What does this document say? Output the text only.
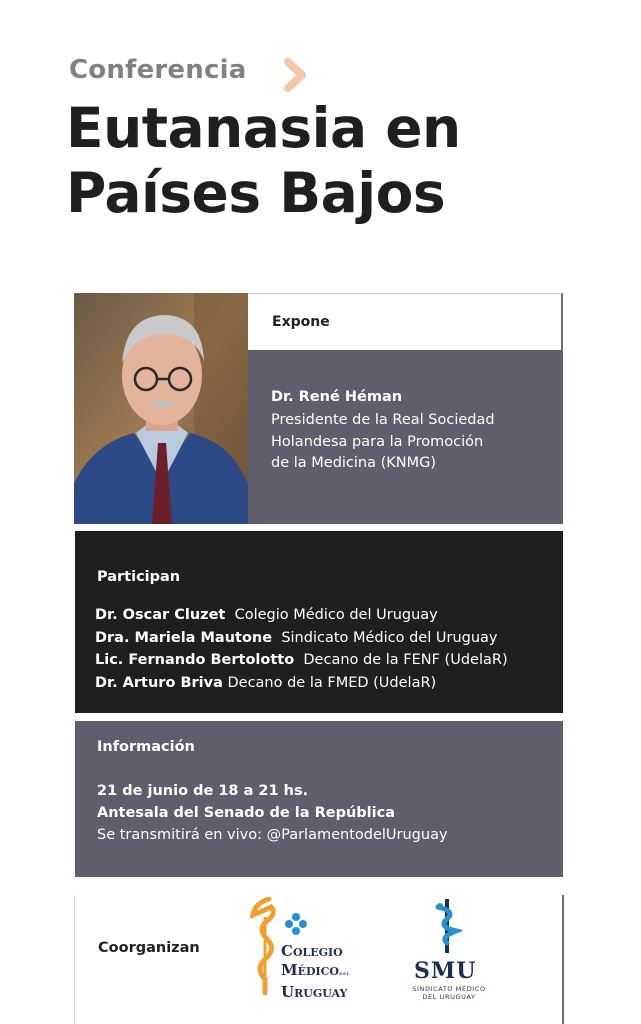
Conferencia
Eutanasia en
Países Bajos
Expone
Dr. René Héman
Presidente de la Real Sociedad
Holandesa para la Promoción
de la Medicina (KNMG)
Participan
Dr. Oscar Cluzet Colegio Médico del Uruguay
Dra. Mariela Mautone Sindicato Médico del Uruguay
Lic. Fernando Bertolotto Decano de la FENF (UdelaR)
Dr. Arturo Briva Decano de la FMED (UdelaR)
Información
21 de junio de 18 a 21 hs.
Antesala del Senado de la República
Se transmitirá en vivo: @ParlamentodelUruguay
Coorganizan	Colegio
Médicodel
Uruguay
SMU
SINDICATO MÉDICO
DEL URUGUAY
